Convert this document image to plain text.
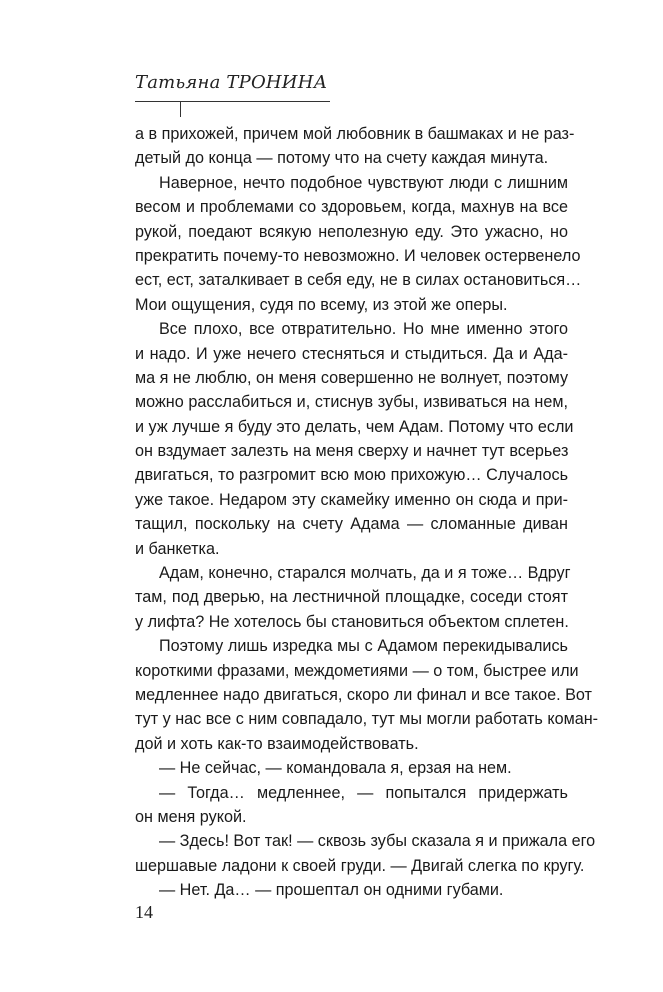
Татьяна ТРОНИНА
а в прихожей, причем мой любовник в башмаках и не раз-
детый до конца — потому что на счету каждая минута.
Наверное, нечто подобное чувствуют люди с лишним
весом и проблемами со здоровьем, когда, махнув на все
рукой, поедают всякую неполезную еду. Это ужасно, но
прекратить почему-то невозможно. И человек остервенело
ест, ест, заталкивает в себя еду, не в силах остановиться…
Мои ощущения, судя по всему, из этой же оперы.
Все плохо, все отвратительно. Но мне именно этого
и надо. И уже нечего стесняться и стыдиться. Да и Ада-
ма я не люблю, он меня совершенно не волнует, поэтому
можно расслабиться и, стиснув зубы, извиваться на нем,
и уж лучше я буду это делать, чем Адам. Потому что если
он вздумает залезть на меня сверху и начнет тут всерьез
двигаться, то разгромит всю мою прихожую… Случалось
уже такое. Недаром эту скамейку именно он сюда и при-
тащил, поскольку на счету Адама — сломанные диван
и банкетка.
Адам, конечно, старался молчать, да и я тоже… Вдруг
там, под дверью, на лестничной площадке, соседи стоят
у лифта? Не хотелось бы становиться объектом сплетен.
Поэтому лишь изредка мы с Адамом перекидывались
короткими фразами, междометиями — о том, быстрее или
медленнее надо двигаться, скоро ли финал и все такое. Вот
тут у нас все с ним совпадало, тут мы могли работать коман-
дой и хоть как-то взаимодействовать.
— Не сейчас, — командовала я, ерзая на нем.
— Тогда… медленнее, — попытался придержать
он меня рукой.
— Здесь! Вот так! — сквозь зубы сказала я и прижала его
шершавые ладони к своей груди. — Двигай слегка по кругу.
— Нет. Да… — прошептал он одними губами.
14
